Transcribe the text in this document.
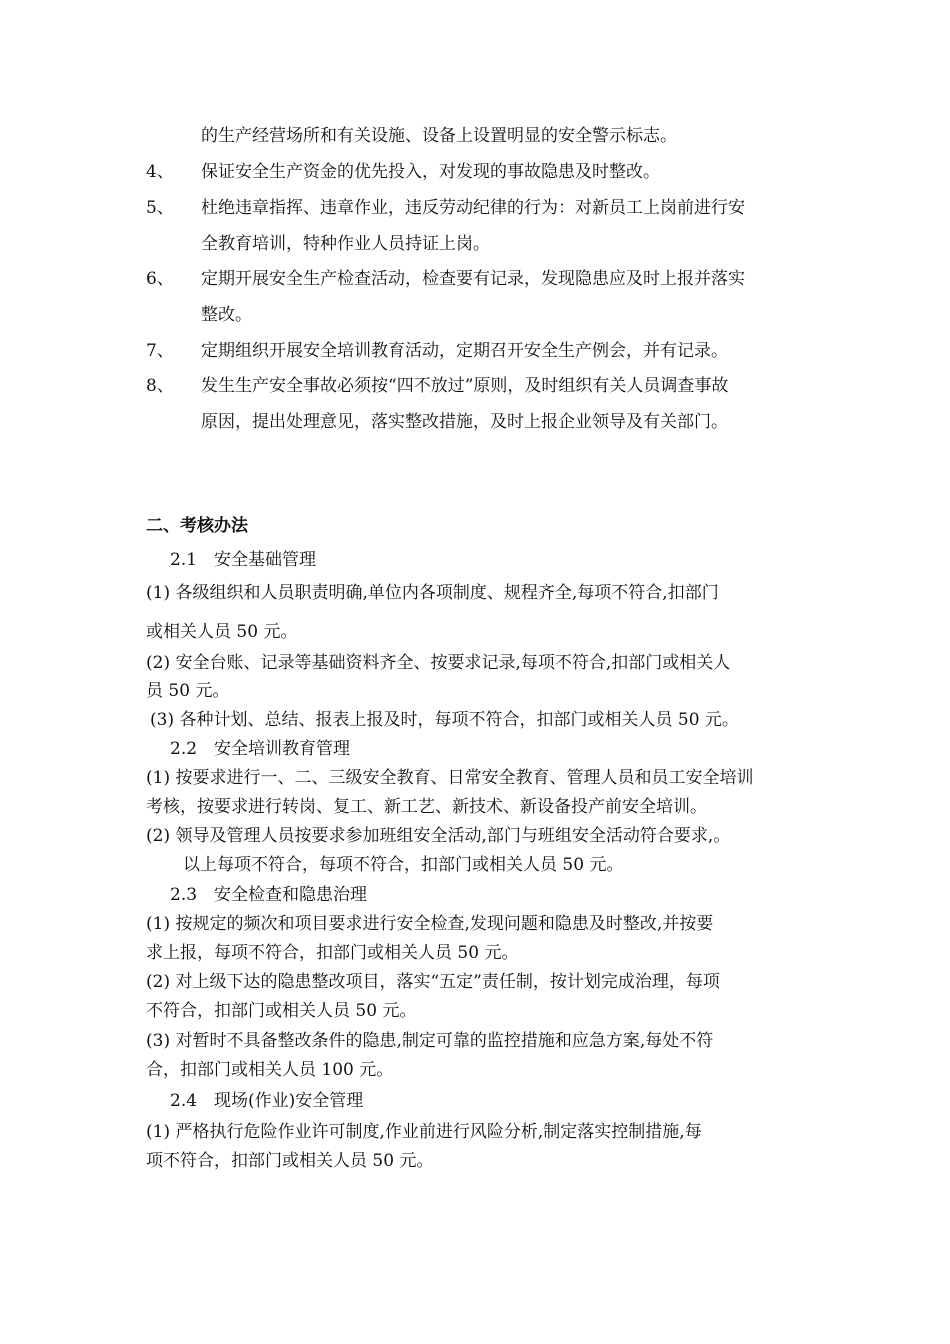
的生产经营场所和有关设施、设备上设置明显的安全警示标志。
4、 保证安全生产资金的优先投入，对发现的事故隐患及时整改。
5、 杜绝违章指挥、违章作业，违反劳动纪律的行为：对新员工上岗前进行安
全教育培训，特种作业人员持证上岗。
6、 定期开展安全生产检查活动，检查要有记录，发现隐患应及时上报并落实
整改。
7、 定期组织开展安全培训教育活动，定期召开安全生产例会，并有记录。
8、 发生生产安全事故必须按“四不放过”原则，及时组织有关人员调查事故
原因，提出处理意见，落实整改措施，及时上报企业领导及有关部门。
二、考核办法
2.1　安全基础管理
(1) 各级组织和人员职责明确,单位内各项制度、规程齐全,每项不符合,扣部门
或相关人员 50 元。
(2) 安全台账、记录等基础资料齐全、按要求记录,每项不符合,扣部门或相关人
员 50 元。
(3) 各种计划、总结、报表上报及时，每项不符合，扣部门或相关人员 50 元。
2.2　安全培训教育管理
(1) 按要求进行一、二、三级安全教育、日常安全教育、管理人员和员工安全培训
考核，按要求进行转岗、复工、新工艺、新技术、新设备投产前安全培训。
(2) 领导及管理人员按要求参加班组安全活动,部门与班组安全活动符合要求,。
以上每项不符合，每项不符合，扣部门或相关人员 50 元。
2.3　安全检查和隐患治理
(1) 按规定的频次和项目要求进行安全检查,发现问题和隐患及时整改,并按要
求上报，每项不符合，扣部门或相关人员 50 元。
(2) 对上级下达的隐患整改项目，落实“五定”责任制，按计划完成治理，每项
不符合，扣部门或相关人员 50 元。
(3) 对暂时不具备整改条件的隐患,制定可靠的监控措施和应急方案,每处不符
合，扣部门或相关人员 100 元。
2.4　现场(作业)安全管理
(1) 严格执行危险作业许可制度,作业前进行风险分析,制定落实控制措施,每
项不符合，扣部门或相关人员 50 元。
